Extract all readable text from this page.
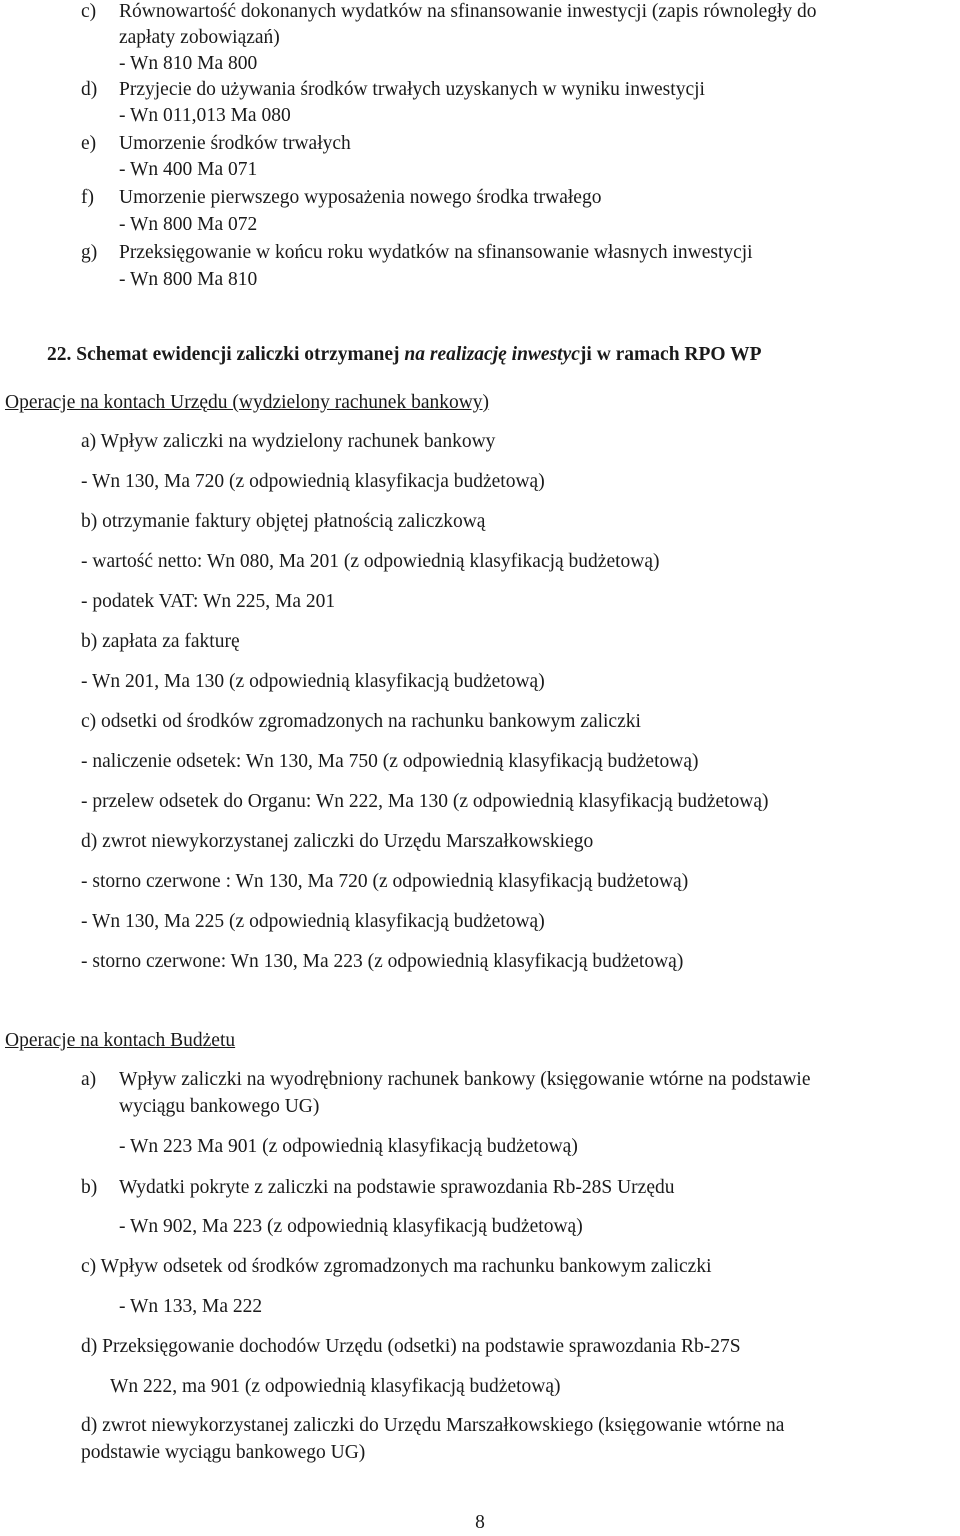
c) Równowartość dokonanych wydatków na sfinansowanie inwestycji (zapis równoległy do
zapłaty zobowiązań)
- Wn 810 Ma 800
d) Przyjecie do używania środków trwałych uzyskanych w wyniku inwestycji
- Wn 011,013 Ma 080
e) Umorzenie środków trwałych
- Wn 400 Ma 071
f) Umorzenie pierwszego wyposażenia nowego środka trwałego
- Wn 800 Ma 072
g) Przeksięgowanie w końcu roku wydatków na sfinansowanie własnych inwestycji
- Wn 800 Ma 810
22. Schemat ewidencji zaliczki otrzymanej na realizację inwestycji w ramach RPO WP
Operacje na kontach Urzędu (wydzielony rachunek bankowy)
a) Wpływ zaliczki na wydzielony rachunek bankowy
- Wn 130, Ma 720 (z odpowiednią klasyfikacja budżetową)
b) otrzymanie faktury objętej płatnością zaliczkową
- wartość netto: Wn 080, Ma 201 (z odpowiednią klasyfikacją budżetową)
- podatek VAT: Wn 225, Ma 201
b) zapłata za fakturę
- Wn 201, Ma 130 (z odpowiednią klasyfikacją budżetową)
c) odsetki od środków zgromadzonych na rachunku bankowym zaliczki
- naliczenie odsetek: Wn 130, Ma 750 (z odpowiednią klasyfikacją budżetową)
- przelew odsetek do Organu: Wn 222, Ma 130 (z odpowiednią klasyfikacją budżetową)
d) zwrot niewykorzystanej zaliczki do Urzędu Marszałkowskiego
- storno czerwone : Wn 130, Ma 720 (z odpowiednią klasyfikacją budżetową)
- Wn 130, Ma 225 (z odpowiednią klasyfikacją budżetową)
- storno czerwone: Wn 130, Ma 223 (z odpowiednią klasyfikacją budżetową)
Operacje na kontach Budżetu
a) Wpływ zaliczki na wyodrębniony rachunek bankowy (księgowanie wtórne na podstawie
wyciągu bankowego UG)
- Wn 223 Ma 901 (z odpowiednią klasyfikacją budżetową)
b) Wydatki pokryte z zaliczki na podstawie sprawozdania Rb-28S Urzędu
- Wn 902, Ma 223 (z odpowiednią klasyfikacją budżetową)
c) Wpływ odsetek od środków zgromadzonych ma rachunku bankowym zaliczki
- Wn 133, Ma 222
d) Przeksięgowanie dochodów Urzędu (odsetki) na podstawie sprawozdania Rb-27S
Wn 222, ma 901 (z odpowiednią klasyfikacją budżetową)
d) zwrot niewykorzystanej zaliczki do Urzędu Marszałkowskiego (księgowanie wtórne na
podstawie wyciągu bankowego UG)
8
